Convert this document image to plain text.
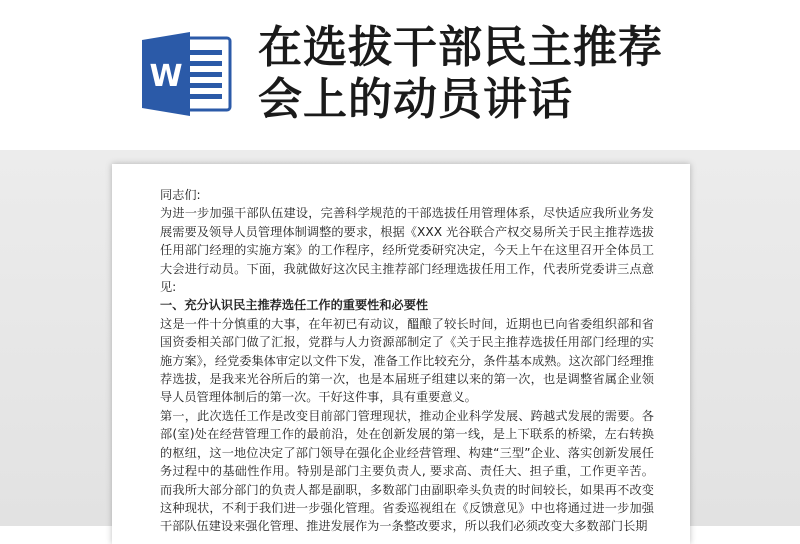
W
在选拔干部民主推荐
会上的动员讲话

同志们:

为进一步加强干部队伍建设，完善科学规范的干部选拔任用管理体系，尽快适应我所业务发展需要及领导人员管理体制调整的要求，根据《XXX 光谷联合产权交易所关于民主推荐选拔任用部门经理的实施方案》的工作程序，经所党委研究决定，今天上午在这里召开全体员工大会进行动员。下面，我就做好这次民主推荐部门经理选拔任用工作，代表所党委讲三点意见:

一、充分认识民主推荐选任工作的重要性和必要性

这是一件十分慎重的大事，在年初已有动议，醞酿了较长时间，近期也已向省委组织部和省国资委相关部门做了汇报，党群与人力资源部制定了《关于民主推荐选拔任用部门经理的实施方案》，经党委集体审定以文件下发，准备工作比较充分，条件基本成熟。这次部门经理推荐选拔，是我来光谷所后的第一次，也是本届班子组建以来的第一次，也是调整省属企业领导人员管理体制后的第一次。干好这件事，具有重要意义。

第一，此次选任工作是改变目前部门管理现状，推动企业科学发展、跨越式发展的需要。各部(室)处在经营管理工作的最前沿，处在创新发展的第一线，是上下联系的桥梁，左右转换的枢纽，这一地位决定了部门领导在强化企业经营管理、构建“三型”企业、落实创新发展任务过程中的基础性作用。特别是部门主要负责人, 要求高、责任大、担子重，工作更辛苦。而我所大部分部门的负责人都是副职，多数部门由副职牵头负责的时间较长，如果再不改变这种现状，不利于我们进一步强化管理。省委巡视组在《反馈意见》中也将通过进一步加强干部队伍建设来强化管理、推进发展作为一条整改要求，所以我们必须改变大多数部门长期
